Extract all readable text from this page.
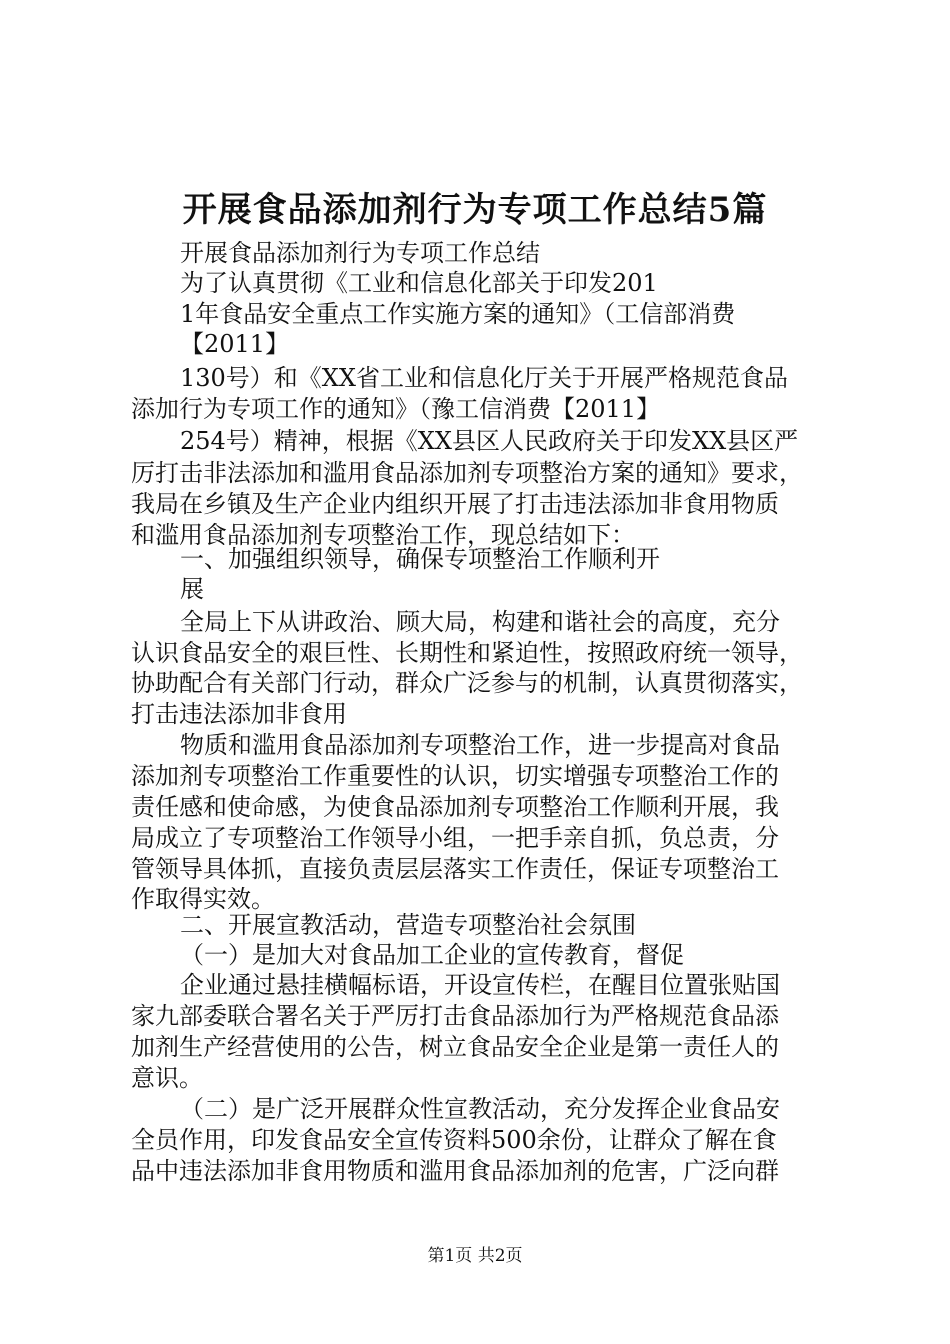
开展食品添加剂行为专项工作总结5篇
开展食品添加剂行为专项工作总结
为了认真贯彻《工业和信息化部关于印发201
1年食品安全重点工作实施方案的通知》（工信部消费
【2011】
130号）和《XX省工业和信息化厅关于开展严格规范食品
添加行为专项工作的通知》（豫工信消费【2011】
254号）精神，根据《XX县区人民政府关于印发XX县区严
厉打击非法添加和滥用食品添加剂专项整治方案的通知》要求，
我局在乡镇及生产企业内组织开展了打击违法添加非食用物质
和滥用食品添加剂专项整治工作，现总结如下：
一、加强组织领导，确保专项整治工作顺利开
展
全局上下从讲政治、顾大局，构建和谐社会的高度，充分
认识食品安全的艰巨性、长期性和紧迫性，按照政府统一领导，
协助配合有关部门行动，群众广泛参与的机制，认真贯彻落实，
打击违法添加非食用
物质和滥用食品添加剂专项整治工作，进一步提高对食品
添加剂专项整治工作重要性的认识，切实增强专项整治工作的
责任感和使命感，为使食品添加剂专项整治工作顺利开展，我
局成立了专项整治工作领导小组，一把手亲自抓，负总责，分
管领导具体抓，直接负责层层落实工作责任，保证专项整治工
作取得实效。
二、开展宣教活动，营造专项整治社会氛围
（一）是加大对食品加工企业的宣传教育，督促
企业通过悬挂横幅标语，开设宣传栏，在醒目位置张贴国
家九部委联合署名关于严厉打击食品添加行为严格规范食品添
加剂生产经营使用的公告，树立食品安全企业是第一责任人的
意识。
（二）是广泛开展群众性宣教活动，充分发挥企业食品安
全员作用，印发食品安全宣传资料500余份，让群众了解在食
品中违法添加非食用物质和滥用食品添加剂的危害，广泛向群
第1页 共2页
